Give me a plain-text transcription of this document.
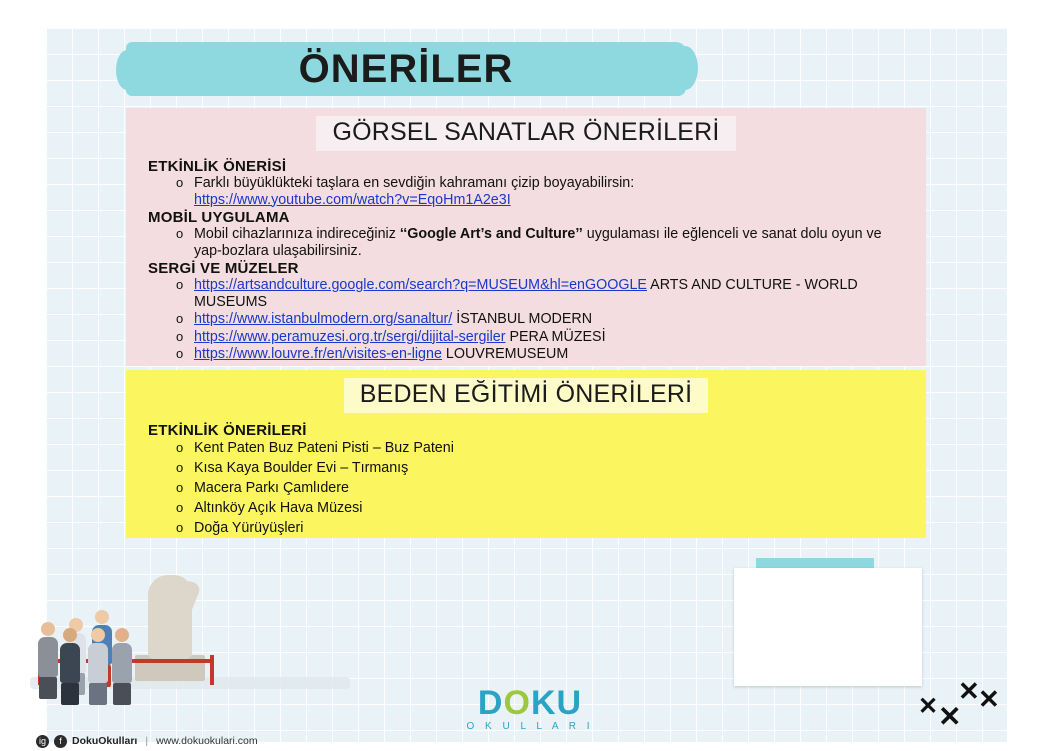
ÖNERİLER
GÖRSEL SANATLAR ÖNERİLERİ
ETKİNLİK ÖNERİSİ
o Farklı büyüklükteki taşlara en sevdiğin kahramanı çizip boyayabilirsin:
https://www.youtube.com/watch?v=EqoHm1A2e3I
MOBİL UYGULAMA
o Mobil cihazlarınıza indireceğiniz ‘‘Google Art’s and Culture’’ uygulaması ile eğlenceli ve sanat dolu oyun ve yap-bozlara ulaşabilirsiniz.
SERGİ VE MÜZELER
o https://artsandculture.google.com/search?q=MUSEUM&hl=enGOOGLE ARTS AND CULTURE - WORLD MUSEUMS
o https://www.istanbulmodern.org/sanaltur/ İSTANBUL MODERN
o https://www.peramuzesi.org.tr/sergi/dijital-sergiler PERA MÜZESİ
o https://www.louvre.fr/en/visites-en-ligne LOUVREMUSEUM
BEDEN EĞİTİMİ ÖNERİLERİ
ETKİNLİK ÖNERİLERİ
o Kent Paten Buz Pateni Pisti – Buz Pateni
o Kısa Kaya Boulder Evi – Tırmanış
o Macera Parkı Çamlıdere
o Altınköy Açık Hava Müzesi
o Doğa Yürüyüşleri
✕ ✕
✕
✕
DOKU
O K U L L A R I
ig	f DokuOkulları | www.dokuokulari.com
